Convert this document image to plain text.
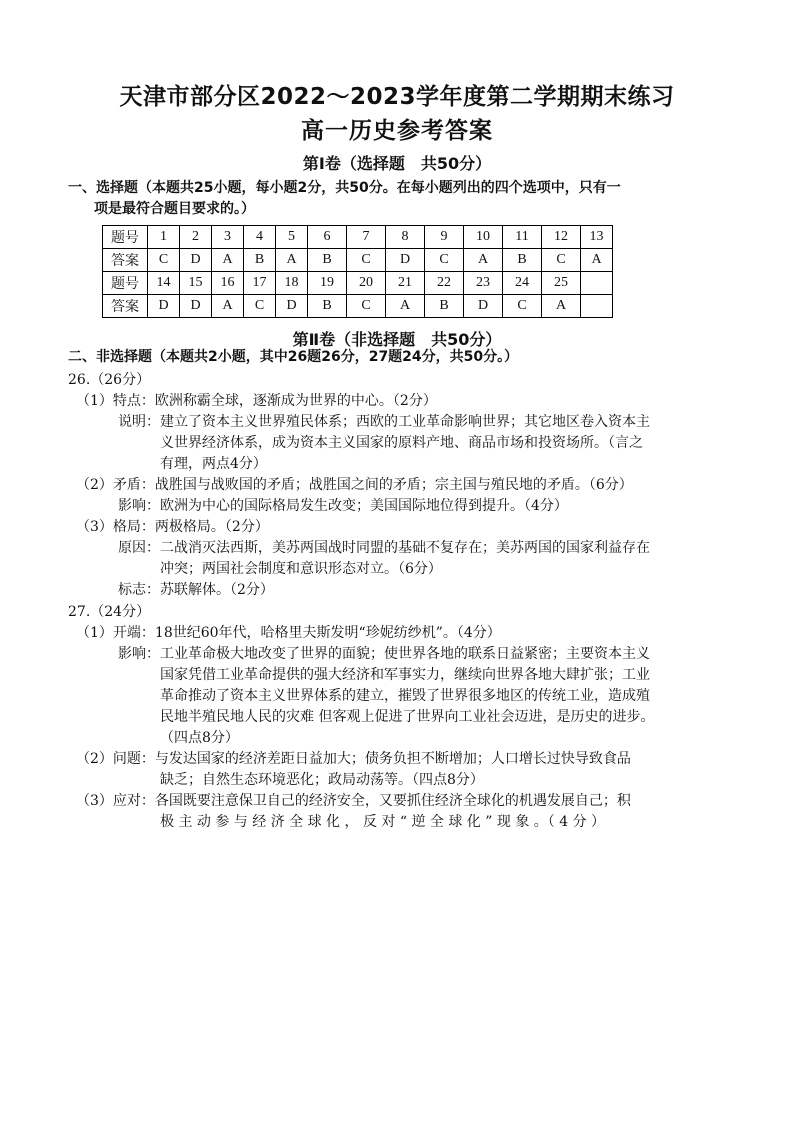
天津市部分区2022～2023学年度第二学期期末练习
高一历史参考答案
第Ⅰ卷（选择题　共50分）
一、选择题（本题共25小题，每小题2分，共50分。在每小题列出的四个选项中，只有一
项是最符合题目要求的。）
题号	1	2	3	4	5	6	7	8	9	10	11	12	13
答案	C	D	A	B	A	B	C	D	C	A	B	C	A
题号	14	15	16	17	18	19	20	21	22	23	24	25	
答案	D	D	A	C	D	B	C	A	B	D	C	A	
第Ⅱ卷（非选择题　共50分）
二、非选择题（本题共2小题，其中26题26分，27题24分，共50分。）
26.（26分）
（1）特点：欧洲称霸全球，逐渐成为世界的中心。（2分）
说明：建立了资本主义世界殖民体系；西欧的工业革命影响世界；其它地区卷入资本主
义世界经济体系，成为资本主义国家的原料产地、商品市场和投资场所。（言之
有理，两点4分）
（2）矛盾：战胜国与战败国的矛盾；战胜国之间的矛盾；宗主国与殖民地的矛盾。（6分）
影响：欧洲为中心的国际格局发生改变；美国国际地位得到提升。（4分）
（3）格局：两极格局。（2分）
原因：二战消灭法西斯，美苏两国战时同盟的基础不复存在；美苏两国的国家利益存在
冲突；两国社会制度和意识形态对立。（6分）
标志：苏联解体。（2分）
27.（24分）
（1）开端：18世纪60年代，哈格里夫斯发明“珍妮纺纱机”。（4分）
影响：工业革命极大地改变了世界的面貌；使世界各地的联系日益紧密；主要资本主义
国家凭借工业革命提供的强大经济和军事实力，继续向世界各地大肆扩张；工业
革命推动了资本主义世界体系的建立，摧毁了世界很多地区的传统工业，造成殖
民地半殖民地人民的灾难 但客观上促进了世界向工业社会迈进，是历史的进步。
（四点8分）
（2）问题：与发达国家的经济差距日益加大；债务负担不断增加；人口增长过快导致食品
缺乏；自然生态环境恶化；政局动荡等。（四点8分）
（3）应对：各国既要注意保卫自己的经济安全，又要抓住经济全球化的机遇发展自己；积
极 主 动 参 与 经 济 全 球 化 ， 反 对 “ 逆 全 球 化 ” 现 象 。（ 4 分 ）
